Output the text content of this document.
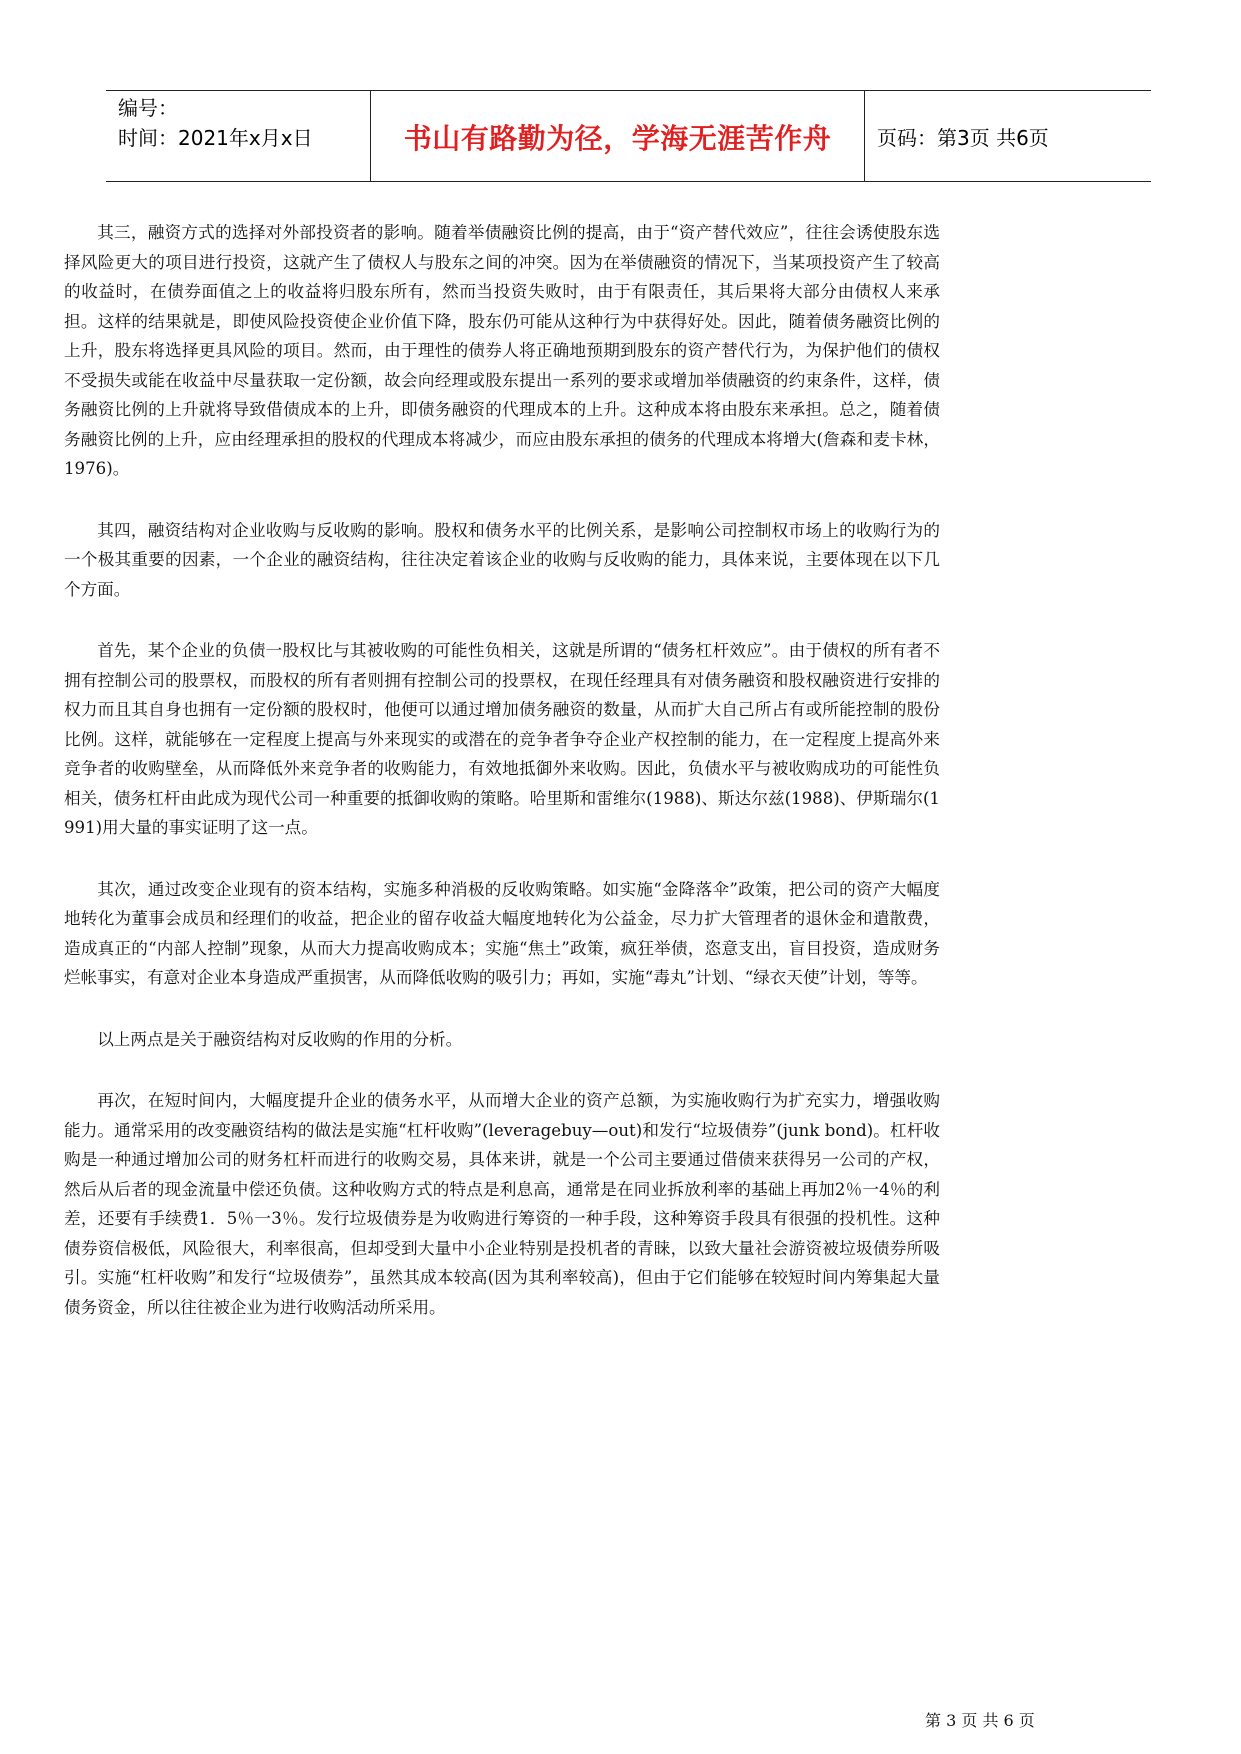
编号：
时间：2021年x月x日	书山有路勤为径，学海无涯苦作舟 页码：第3页 共6页

其三，融资方式的选择对外部投资者的影响。随着举债融资比例的提高，由于“资产替代效应”，往往会诱使股东选择风险更大的项目进行投资，这就产生了债权人与股东之间的冲突。因为在举债融资的情况下，当某项投资产生了较高的收益时，在债券面值之上的收益将归股东所有，然而当投资失败时，由于有限责任，其后果将大部分由债权人来承担。这样的结果就是，即使风险投资使企业价值下降，股东仍可能从这种行为中获得好处。因此，随着债务融资比例的上升，股东将选择更具风险的项目。然而，由于理性的债券人将正确地预期到股东的资产替代行为，为保护他们的债权不受损失或能在收益中尽量获取一定份额，故会向经理或股东提出一系列的要求或增加举债融资的约束条件，这样，债务融资比例的上升就将导致借债成本的上升，即债务融资的代理成本的上升。这种成本将由股东来承担。总之，随着债务融资比例的上升，应由经理承担的股权的代理成本将减少，而应由股东承担的债务的代理成本将增大(詹森和麦卡林，1976)。

其四，融资结构对企业收购与反收购的影响。股权和债务水平的比例关系，是影响公司控制权市场上的收购行为的一个极其重要的因素，一个企业的融资结构，往往决定着该企业的收购与反收购的能力，具体来说，主要体现在以下几个方面。

首先，某个企业的负债一股权比与其被收购的可能性负相关，这就是所谓的“债务杠杆效应”。由于债权的所有者不拥有控制公司的股票权，而股权的所有者则拥有控制公司的投票权，在现任经理具有对债务融资和股权融资进行安排的权力而且其自身也拥有一定份额的股权时，他便可以通过增加债务融资的数量，从而扩大自己所占有或所能控制的股份比例。这样，就能够在一定程度上提高与外来现实的或潜在的竞争者争夺企业产权控制的能力，在一定程度上提高外来竞争者的收购壁垒，从而降低外来竞争者的收购能力，有效地抵御外来收购。因此，负债水平与被收购成功的可能性负相关，债务杠杆由此成为现代公司一种重要的抵御收购的策略。哈里斯和雷维尔(1988)、斯达尔兹(1988)、伊斯瑞尔(1991)用大量的事实证明了这一点。

其次，通过改变企业现有的资本结构，实施多种消极的反收购策略。如实施“金降落伞”政策，把公司的资产大幅度地转化为董事会成员和经理们的收益，把企业的留存收益大幅度地转化为公益金，尽力扩大管理者的退休金和遣散费，造成真正的“内部人控制”现象，从而大力提高收购成本；实施“焦土”政策，疯狂举债，恣意支出，盲目投资，造成财务烂帐事实，有意对企业本身造成严重损害，从而降低收购的吸引力；再如，实施“毒丸”计划、“绿衣天使”计划，等等。

以上两点是关于融资结构对反收购的作用的分析。

再次，在短时间内，大幅度提升企业的债务水平，从而增大企业的资产总额，为实施收购行为扩充实力，增强收购能力。通常采用的改变融资结构的做法是实施“杠杆收购”(leveragebuy—out)和发行“垃圾债券”(junk bond)。杠杆收购是一种通过增加公司的财务杠杆而进行的收购交易，具体来讲，就是一个公司主要通过借债来获得另一公司的产权，然后从后者的现金流量中偿还负债。这种收购方式的特点是利息高，通常是在同业拆放利率的基础上再加2％一4％的利差，还要有手续费1．5％一3％。发行垃圾债券是为收购进行筹资的一种手段，这种筹资手段具有很强的投机性。这种债券资信极低，风险很大，利率很高，但却受到大量中小企业特别是投机者的青睐，以致大量社会游资被垃圾债券所吸引。实施“杠杆收购”和发行“垃圾债券”，虽然其成本较高(因为其利率较高)，但由于它们能够在较短时间内筹集起大量债务资金，所以往往被企业为进行收购活动所采用。

第 3 页 共 6 页
